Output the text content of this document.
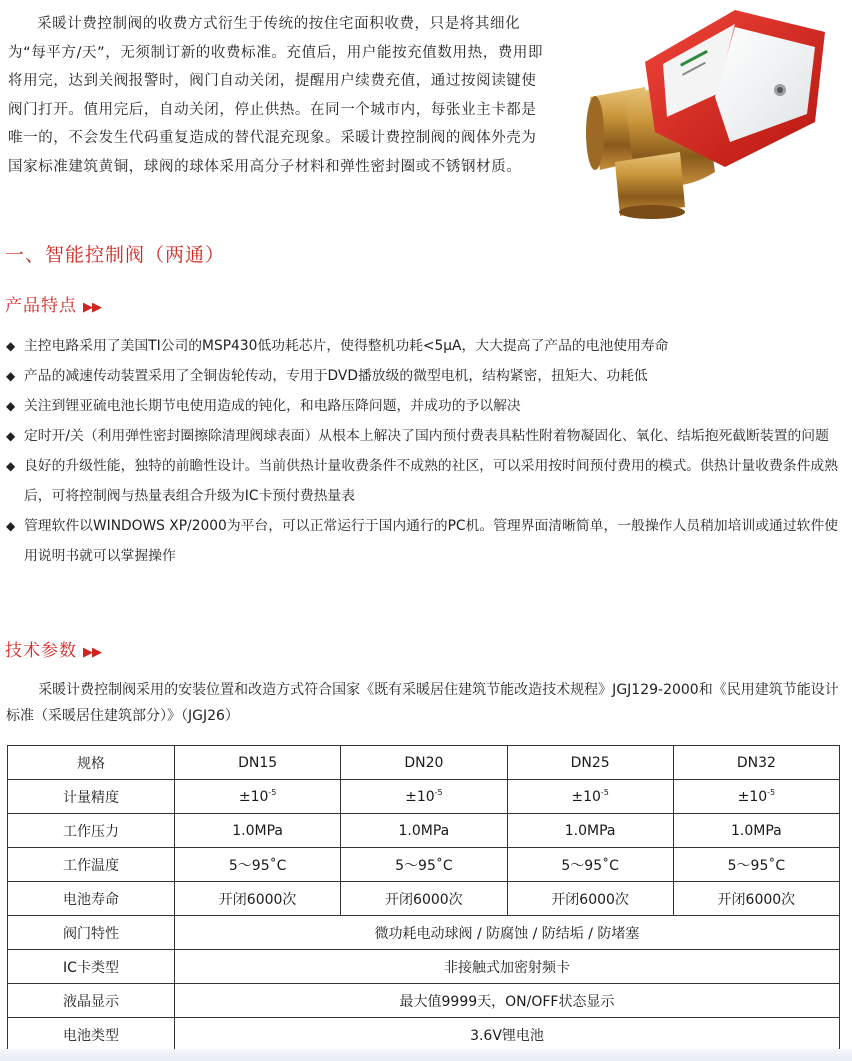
采暖计费控制阀的收费方式衍生于传统的按住宅面积收费，只是将其细化为“每平方/天”，无须制订新的收费标准。充值后，用户能按充值数用热，费用即将用完，达到关阀报警时，阀门自动关闭，提醒用户续费充值，通过按阅读键使阀门打开。值用完后，自动关闭，停止供热。在同一个城市内，每张业主卡都是唯一的，不会发生代码重复造成的替代混充现象。采暖计费控制阀的阀体外壳为国家标准建筑黄铜，球阀的球体采用高分子材料和弹性密封圈或不锈钢材质。

一、智能控制阀（两通）
产品特点 ▶▶
◆ 主控电路采用了美国TI公司的MSP430低功耗芯片，使得整机功耗<5μA，大大提高了产品的电池使用寿命
◆ 产品的减速传动装置采用了全铜齿轮传动，专用于DVD播放级的微型电机，结构紧密，扭矩大、功耗低
◆ 关注到锂亚硫电池长期节电使用造成的钝化，和电路压降问题，并成功的予以解决
◆ 定时开/关（利用弹性密封圈擦除清理阀球表面）从根本上解决了国内预付费表具粘性附着物凝固化、氧化、结垢抱死截断装置的问题
◆ 良好的升级性能，独特的前瞻性设计。当前供热计量收费条件不成熟的社区，可以采用按时间预付费用的模式。供热计量收费条件成熟后，可将控制阀与热量表组合升级为IC卡预付费热量表
◆ 管理软件以WINDOWS XP/2000为平台，可以正常运行于国内通行的PC机。管理界面清晰简单，一般操作人员稍加培训或通过软件使用说明书就可以掌握操作
技术参数 ▶▶

采暖计费控制阀采用的安装位置和改造方式符合国家《既有采暖居住建筑节能改造技术规程》JGJ129-2000和《民用建筑节能设计标准（采暖居住建筑部分）》（JGJ26）

规格	DN15	DN20	DN25	DN32
计量精度	$\pm 10^{-5}$	$\pm 10^{-5}$	$\pm 10^{-5}$	$\pm 10^{-5}$
工作压力	1.0MPa	1.0MPa	1.0MPa	1.0MPa
工作温度	5～95˚C	5～95˚C	5～95˚C	5～95˚C
电池寿命	开闭6000次	开闭6000次	开闭6000次	开闭6000次
阀门特性	微功耗电动球阀 / 防腐蚀 / 防结垢 / 防堵塞			
IC卡类型	非接触式加密射频卡			
液晶显示	最大值9999天，ON/OFF状态显示			
电池类型	3.6V锂电池			
